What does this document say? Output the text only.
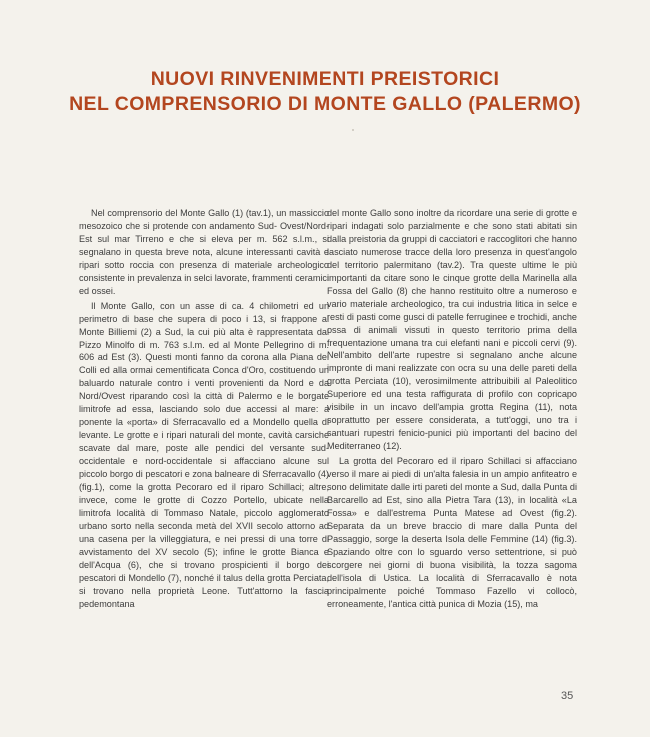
NUOVI RINVENIMENTI PREISTORICI
NEL COMPRENSORIO DI MONTE GALLO (PALERMO)

Nel comprensorio del Monte Gallo (1) (tav.1), un massiccio mesozoico che si protende con andamento Sud- Ovest/Nord-Est sul mar Tirreno e che si eleva per m. 562 s.l.m., si segnalano in questa breve nota, alcune interessanti cavità e ripari sotto roccia con presenza di materiale archeologico consistente in prevalenza in selci lavorate, frammenti ceramici ed ossei.

Il Monte Gallo, con un asse di ca. 4 chilometri ed un perimetro di base che supera di poco i 13, si frappone al Monte Billiemi (2) a Sud, la cui più alta è rappresentata dal Pizzo Minolfo di m. 763 s.l.m. ed al Monte Pellegrino di m. 606 ad Est (3). Questi monti fanno da corona alla Piana dei Colli ed alla ormai cementificata Conca d'Oro, costituendo un baluardo naturale contro i venti provenienti da Nord e da Nord/Ovest riparando così la città di Palermo e le borgate limitrofe ad essa, lasciando solo due accessi al mare: a ponente la «porta» di Sferracavallo ed a Mondello quella di levante. Le grotte e i ripari naturali del monte, cavità carsiche scavate dal mare, poste alle pendici del versante sud-occidentale e nord-occidentale si affacciano alcune sul piccolo borgo di pescatori e zona balneare di Sferracavallo (4) (fig.1), come la grotta Pecoraro ed il riparo Schillaci; altre, invece, come le grotte di Cozzo Portello, ubicate nella limitrofa località di Tommaso Natale, piccolo agglomerato urbano sorto nella seconda metà del XVII secolo attorno ad una casena per la villeggiatura, e nei pressi di una torre di avvistamento del XV secolo (5); infine le grotte Bianca e dell'Acqua (6), che si trovano prospicienti il borgo dei pescatori di Mondello (7), nonché il talus della grotta Perciata, si trovano nella proprietà Leone. Tutt'attorno la fascia pedemontana

del monte Gallo sono inoltre da ricordare una serie di grotte e ripari indagati solo parzialmente e che sono stati abitati sin dalla preistoria da gruppi di cacciatori e raccoglitori che hanno lasciato numerose tracce della loro presenza in quest'angolo del territorio palermitano (tav.2). Tra queste ultime le più importanti da citare sono le cinque grotte della Marinella alla Fossa del Gallo (8) che hanno restituito oltre a numeroso e vario materiale archeologico, tra cui industria litica in selce e resti di pasti come gusci di patelle ferruginee e trochidi, anche ossa di animali vissuti in questo territorio prima della frequentazione umana tra cui elefanti nani e piccoli cervi (9). Nell'ambito dell'arte rupestre si segnalano anche alcune impronte di mani realizzate con ocra su una delle pareti della grotta Perciata (10), verosimilmente attribuibili al Paleolitico Superiore ed una testa raffigurata di profilo con copricapo visibile in un incavo dell'ampia grotta Regina (11), nota soprattutto per essere considerata, a tutt'oggi, uno tra i santuari rupestri fenicio-punici più importanti del bacino del Mediterraneo (12).

La grotta del Pecoraro ed il riparo Schillaci si affacciano verso il mare ai piedi di un'alta falesia in un ampio anfiteatro e sono delimitate dalle irti pareti del monte a Sud, dalla Punta di Barcarello ad Est, sino alla Pietra Tara (13), in località «La Fossa» e dall'estrema Punta Matese ad Ovest (fig.2). Separata da un breve braccio di mare dalla Punta del Passaggio, sorge la deserta Isola delle Femmine (14) (fig.3). Spaziando oltre con lo sguardo verso settentrione, si può scorgere nei giorni di buona visibilità, la tozza sagoma dell'isola di Ustica. La località di Sferracavallo è nota principalmente poiché Tommaso Fazello vi collocò, erroneamente, l'antica città punica di Mozia (15), ma

35
